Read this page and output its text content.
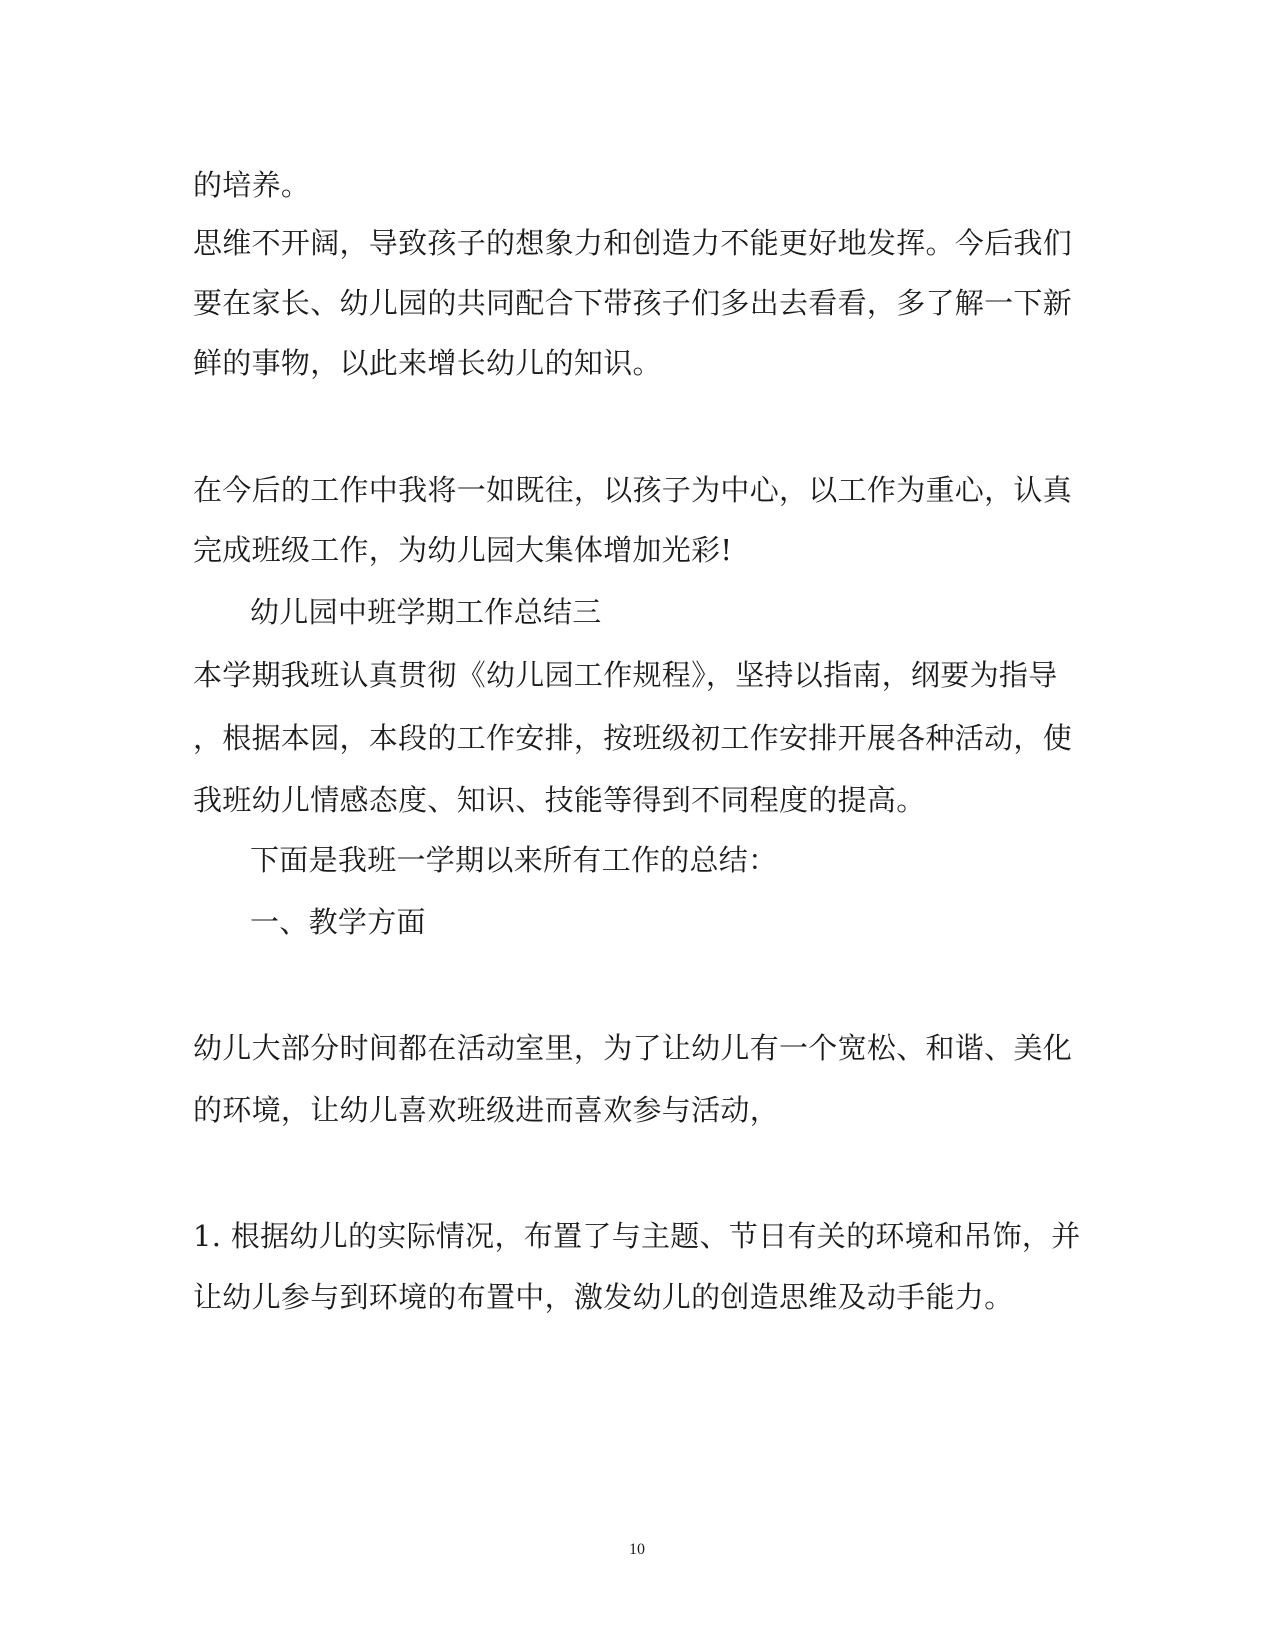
的培养。
思维不开阔，导致孩子的想象力和创造力不能更好地发挥。今后我们
要在家长、幼儿园的共同配合下带孩子们多出去看看，多了解一下新
鲜的事物，以此来增长幼儿的知识。
在今后的工作中我将一如既往，以孩子为中心，以工作为重心，认真
完成班级工作，为幼儿园大集体增加光彩!
幼儿园中班学期工作总结三
本学期我班认真贯彻《幼儿园工作规程》，坚持以指南，纲要为指导
，根据本园，本段的工作安排，按班级初工作安排开展各种活动，使
我班幼儿情感态度、知识、技能等得到不同程度的提高。
下面是我班一学期以来所有工作的总结：
一、教学方面
幼儿大部分时间都在活动室里，为了让幼儿有一个宽松、和谐、美化
的环境，让幼儿喜欢班级进而喜欢参与活动，
1. 根据幼儿的实际情况，布置了与主题、节日有关的环境和吊饰，并
让幼儿参与到环境的布置中，激发幼儿的创造思维及动手能力。
10
